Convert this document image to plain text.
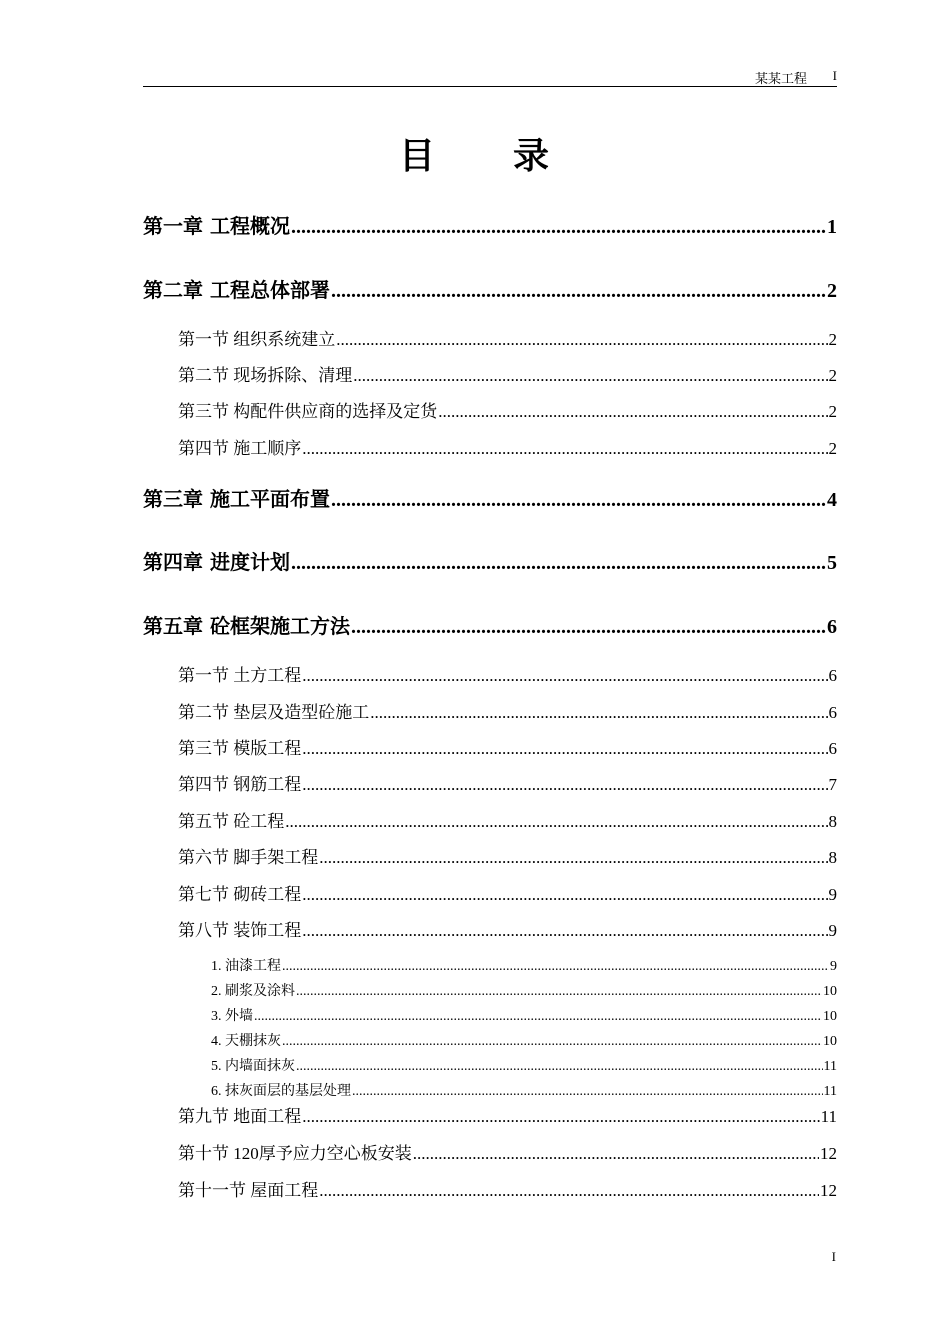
某某工程 I
目 录
第一章 工程概况 .....	1
第二章 工程总体部署 .....	2
第一节 组织系统建立 .....	2
第二节 现场拆除、清理 .....	2
第三节 构配件供应商的选择及定货 .....	2
第四节 施工顺序 .....	2
第三章 施工平面布置 .....	4
第四章 进度计划 .....	5
第五章 砼框架施工方法 .....	6
第一节 土方工程 .....	6
第二节 垫层及造型砼施工 .....	6
第三节 模版工程 .....	6
第四节 钢筋工程 .....	7
第五节 砼工程 .....	8
第六节 脚手架工程 .....	8
第七节 砌砖工程 .....	9
第八节 装饰工程 .....	9
1. 油漆工程 .....	9
2. 刷浆及涂料 .....	10
3. 外墙 .....	10
4. 天棚抹灰 .....	10
5. 内墙面抹灰 .....	11
6. 抹灰面层的基层处理 .....	11
第九节 地面工程 .....	11
第十节 120厚予应力空心板安装 .....	12
第十一节 屋面工程 .....	12
I
